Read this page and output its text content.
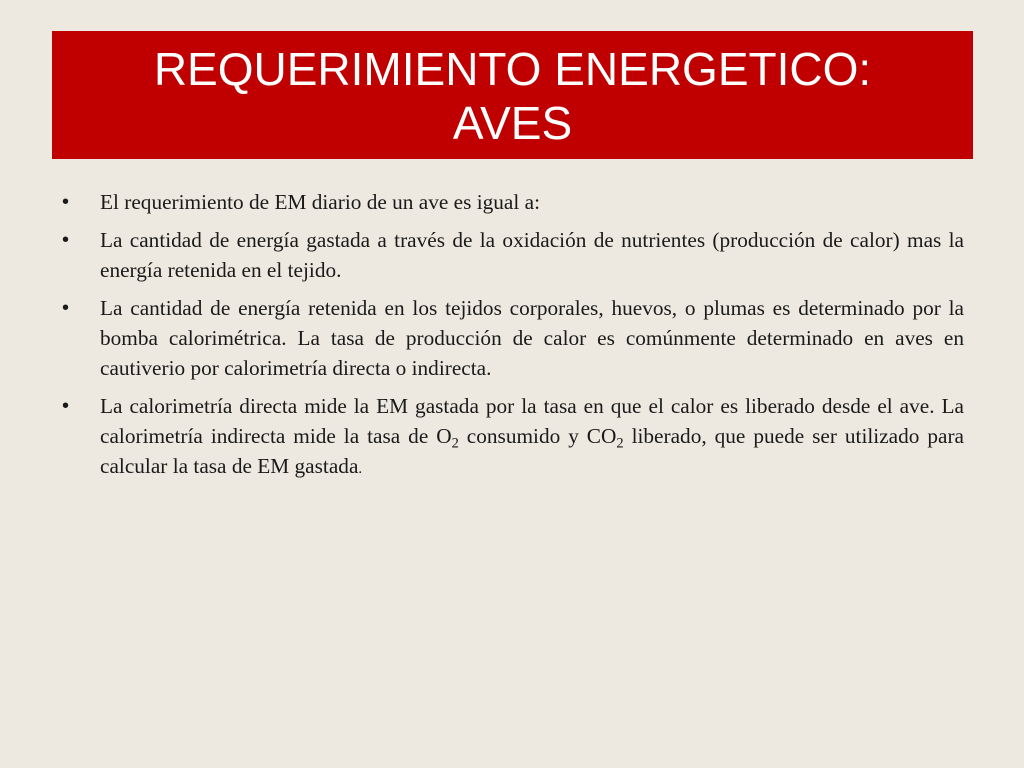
REQUERIMIENTO ENERGETICO:
AVES
•	El requerimiento de EM diario de un ave es igual a:
•	La cantidad de energía gastada a través de la oxidación de nutrientes (producción de calor) mas la energía retenida en el tejido.
•	La cantidad de energía retenida en los tejidos corporales, huevos, o plumas es determinado por la bomba calorimétrica. La tasa de producción de calor es comúnmente determinado en aves en cautiverio por calorimetría directa o indirecta.
•	La calorimetría directa mide la EM gastada por la tasa en que el calor es liberado desde el ave. La calorimetría indirecta mide la tasa de $O_2$ consumido y $CO_2$ liberado, que puede ser utilizado para calcular la tasa de EM gastada.
